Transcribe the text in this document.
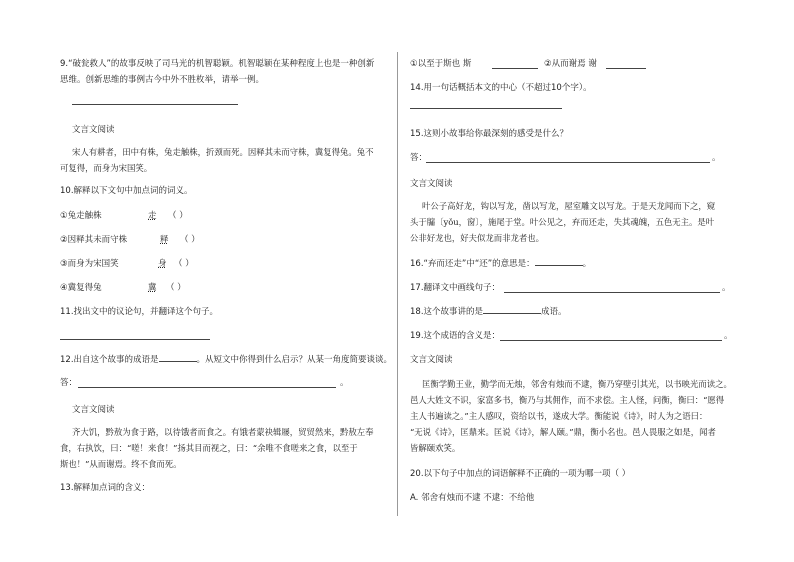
9.“破瓮救人”的故事反映了司马光的机智聪颖。机智聪颖在某种程度上也是一种创新
思维。创新思维的事例古今中外不胜枚举，请举一例。
文言文阅读
宋人有耕者，田中有株，兔走触株，折颈而死。因释其未而守株，冀复得兔。兔不
可复得，而身为宋国笑。
10.解释以下文句中加点词的词义。
①兔走触株	走 （ ）
②因释其未而守株	释 （ ）
③而身为宋国笑	身 （ ）
④冀复得兔	冀 （ ）
11.找出文中的议论句，并翻译这个句子。
12.出自这个故事的成语是	。从短文中你得到什么启示？从某一角度简要谈谈。
答：	。
文言文阅读
齐大饥，黔敖为食于路，以待饿者而食之。有饿者蒙袂辑屦，贸贸然来，黔敖左奉
食，右执饮，曰：“嗟！来食！”扬其目而视之，曰：“余唯不食嗟来之食，以至于
斯也！”从而谢焉。终不食而死。
13.解释加点词的含义：
①以至于斯也 斯	②从而谢焉 谢
14.用一句话概括本文的中心（不超过10个字）。
15.这则小故事给你最深刻的感受是什么？
答：	。
文言文阅读
叶公子高好龙，钩以写龙，凿以写龙，屋室雕文以写龙。于是天龙闻而下之，窥
头于牖〔yǒu，窗〕，施尾于堂。叶公见之，弃而还走，失其魂魄，五色无主。是叶
公非好龙也，好夫似龙而非龙者也。
16.“弃而还走”中“还”的意思是：	。
17.翻译文中画线句子：	。
18.这个故事讲的是	成语。
19.这个成语的含义是：	。
文言文阅读
匡衡学勤王业，勤学而无烛，邻舍有烛而不逮，衡乃穿壁引其光，以书映光而读之。
邑人大姓文不识，家富多书，衡乃与其佣作，而不求偿。主人怪，问衡，衡曰：“愿得
主人书遍读之。”主人感叹，资给以书，遂成大学。衡能说《诗》，时人为之语曰：
“无说《诗》，匡鼎来。匡说《诗》，解人颐。”鼎，衡小名也。邑人畏服之如是，闻者
皆解颐欢笑。
20.以下句子中加点的词语解释不正确的一项为哪一项（ ）
A. 邻舍有烛而不逮 不逮：不给他
